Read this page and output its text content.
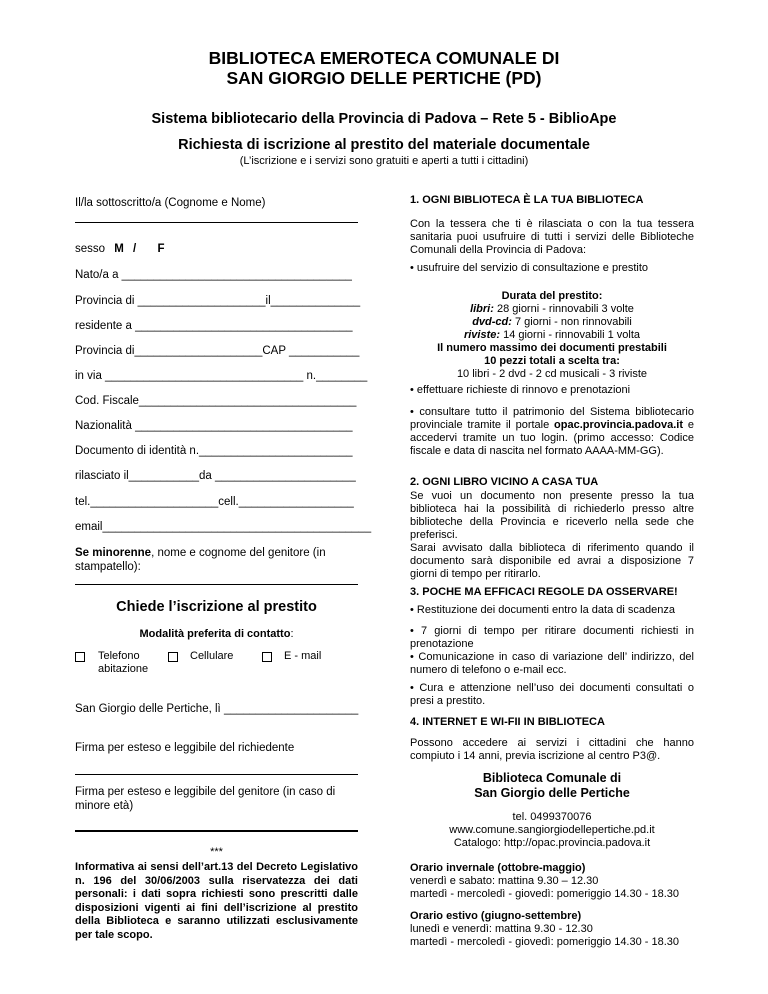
BIBLIOTECA EMEROTECA COMUNALE DI
SAN GIORGIO DELLE PERTICHE (PD)
Sistema bibliotecario della Provincia di Padova – Rete 5 - BiblioApe
Richiesta di iscrizione al prestito del materiale documentale
(L’iscrizione e i servizi sono gratuiti e aperti a tutti i cittadini)
Il/la sottoscritto/a (Cognome e Nome)
sesso M / F
Nato/a a ____________________________________
Provincia di ____________________il______________
residente a __________________________________
Provincia di____________________CAP ___________
in via _______________________________ n.________
Cod. Fiscale__________________________________
Nazionalità __________________________________
Documento di identità n.________________________
rilasciato il___________da ______________________
tel.____________________cell.__________________
email__________________________________________
Se minorenne, nome e cognome del genitore (in stampatello):
Chiede l’iscrizione al prestito
Modalità preferita di contatto:
Telefono
abitazione
Cellulare	E - mail
San Giorgio delle Pertiche, lì _____________________
Firma per esteso e leggibile del richiedente
Firma per esteso e leggibile del genitore (in caso di minore età)
***
Informativa ai sensi dell’art.13 del Decreto Legislativo n. 196 del 30/06/2003 sulla riservatezza dei dati personali: i dati sopra richiesti sono prescritti dalle disposizioni vigenti ai fini dell’iscrizione al prestito della Biblioteca e saranno utilizzati esclusivamente per tale scopo.
1. OGNI BIBLIOTECA È LA TUA BIBLIOTECA
Con la tessera che ti è rilasciata o con la tua tessera sanitaria puoi usufruire di tutti i servizi delle Biblioteche Comunali della Provincia di Padova:
• usufruire del servizio di consultazione e prestito
Durata del prestito:
libri: 28 giorni - rinnovabili 3 volte
dvd-cd: 7 giorni - non rinnovabili
riviste: 14 giorni - rinnovabili 1 volta
Il numero massimo dei documenti prestabili
10 pezzi totali a scelta tra:
10 libri - 2 dvd - 2 cd musicali - 3 riviste
• effettuare richieste di rinnovo e prenotazioni
• consultare tutto il patrimonio del Sistema bibliotecario provinciale tramite il portale opac.provincia.padova.it e accedervi tramite un tuo login. (primo accesso: Codice fiscale e data di nascita nel formato AAAA-MM-GG).
2. OGNI LIBRO VICINO A CASA TUA

Se vuoi un documento non presente presso la tua biblioteca hai la possibilità di richiederlo presso altre biblioteche della Provincia e riceverlo nella sede che preferisci.

Sarai avvisato dalla biblioteca di riferimento quando il documento sarà disponibile ed avrai a disposizione 7 giorni di tempo per ritirarlo.

3. POCHE MA EFFICACI REGOLE DA OSSERVARE!
• Restituzione dei documenti entro la data di scadenza
• 7 giorni di tempo per ritirare documenti richiesti in prenotazione
• Comunicazione in caso di variazione dell’ indirizzo, del numero di telefono o e-mail ecc.
• Cura e attenzione nell’uso dei documenti consultati o presi a prestito.
4. INTERNET E WI-FII IN BIBLIOTECA
Possono accedere ai servizi i cittadini che hanno compiuto i 14 anni, previa iscrizione al centro P3@.
Biblioteca Comunale di
San Giorgio delle Pertiche
tel. 0499370076
www.comune.sangiorgiodellepertiche.pd.it
Catalogo: http://opac.provincia.padova.it
Orario invernale (ottobre-maggio)
venerdì e sabato: mattina 9.30 – 12.30
martedì - mercoledì - giovedì: pomeriggio 14.30 - 18.30
Orario estivo (giugno-settembre)
lunedì e venerdì: mattina 9.30 - 12.30
martedì - mercoledì - giovedì: pomeriggio 14.30 - 18.30
